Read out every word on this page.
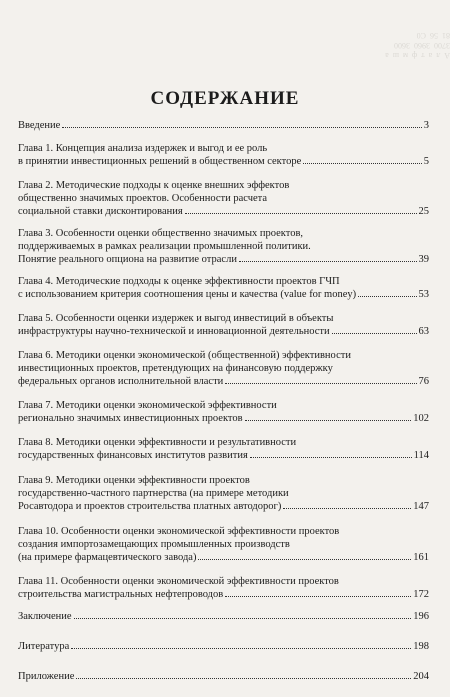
А  л  а  т  ф  м  ш  а
3700  3960  3600
81  56  С0
СОДЕРЖАНИЕ
Введение	3
Глава 1. Концепция анализа издержек и выгод и ее роль
в принятии инвестиционных решений в общественном секторе	5
Глава 2. Методические подходы к оценке внешних эффектов
общественно значимых проектов. Особенности расчета
социальной ставки дисконтирования	25
Глава 3. Особенности оценки общественно значимых проектов,
поддерживаемых в рамках реализации промышленной политики.
Понятие реального опциона на развитие отрасли	39
Глава 4. Методические подходы к оценке эффективности проектов ГЧП
с использованием критерия соотношения цены и качества (value for money)	53
Глава 5. Особенности оценки издержек и выгод инвестиций в объекты
инфраструктуры научно-технической и инновационной деятельности	63
Глава 6. Методики оценки экономической (общественной) эффективности
инвестиционных проектов, претендующих на финансовую поддержку
федеральных органов исполнительной власти	76
Глава 7. Методики оценки экономической эффективности
регионально значимых инвестиционных проектов	102
Глава 8. Методики оценки эффективности и результативности
государственных финансовых институтов развития	114
Глава 9. Методики оценки эффективности проектов
государственно-частного партнерства (на примере методики
Росавтодора и проектов строительства платных автодорог)	147
Глава 10. Особенности оценки экономической эффективности проектов
создания импортозамещающих промышленных производств
(на примере фармацевтического завода)	161
Глава 11. Особенности оценки экономической эффективности проектов
строительства магистральных нефтепроводов	172
Заключение	196
Литература	198
Приложение	204
